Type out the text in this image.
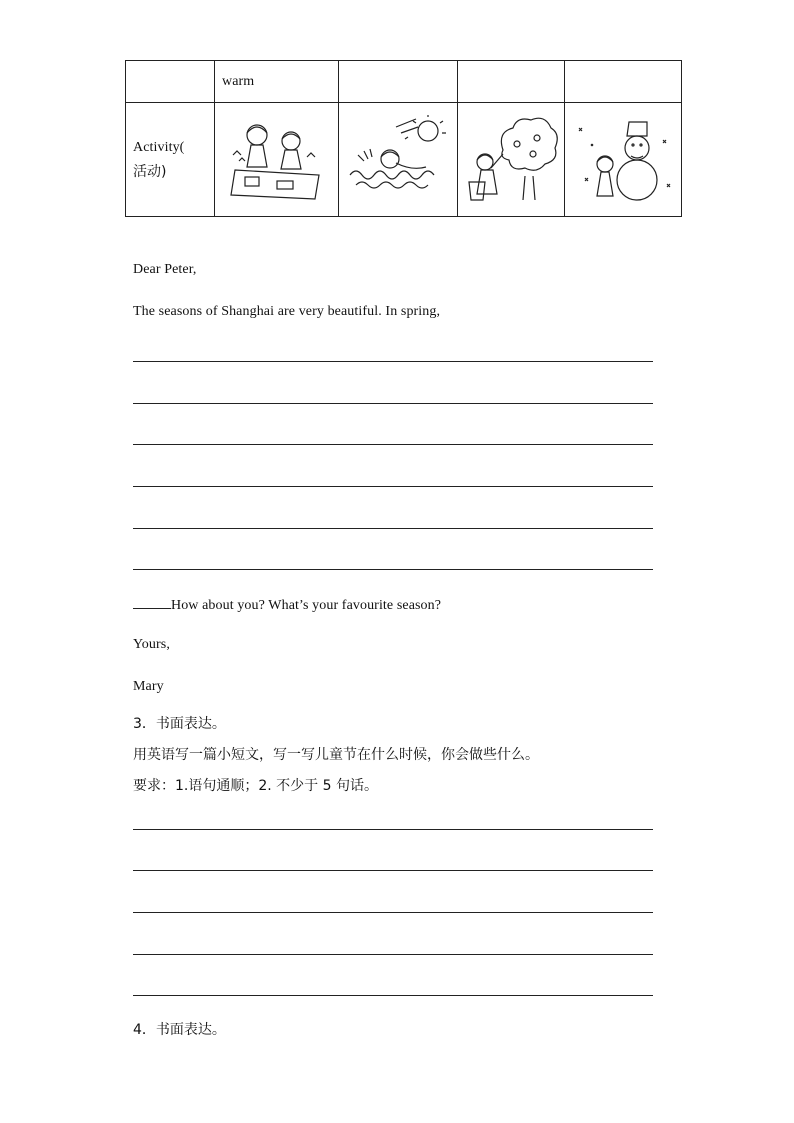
	warm			

Activity(
活动)

Dear Peter,
The seasons of Shanghai are very beautiful. In spring,
How about you? What’s your favourite season?
Yours,
Mary
3．书面表达。
用英语写一篇小短文，写一写儿童节在什么时候，你会做些什么。
要求：1.语句通顺；2. 不少于 5 句话。
4．书面表达。
